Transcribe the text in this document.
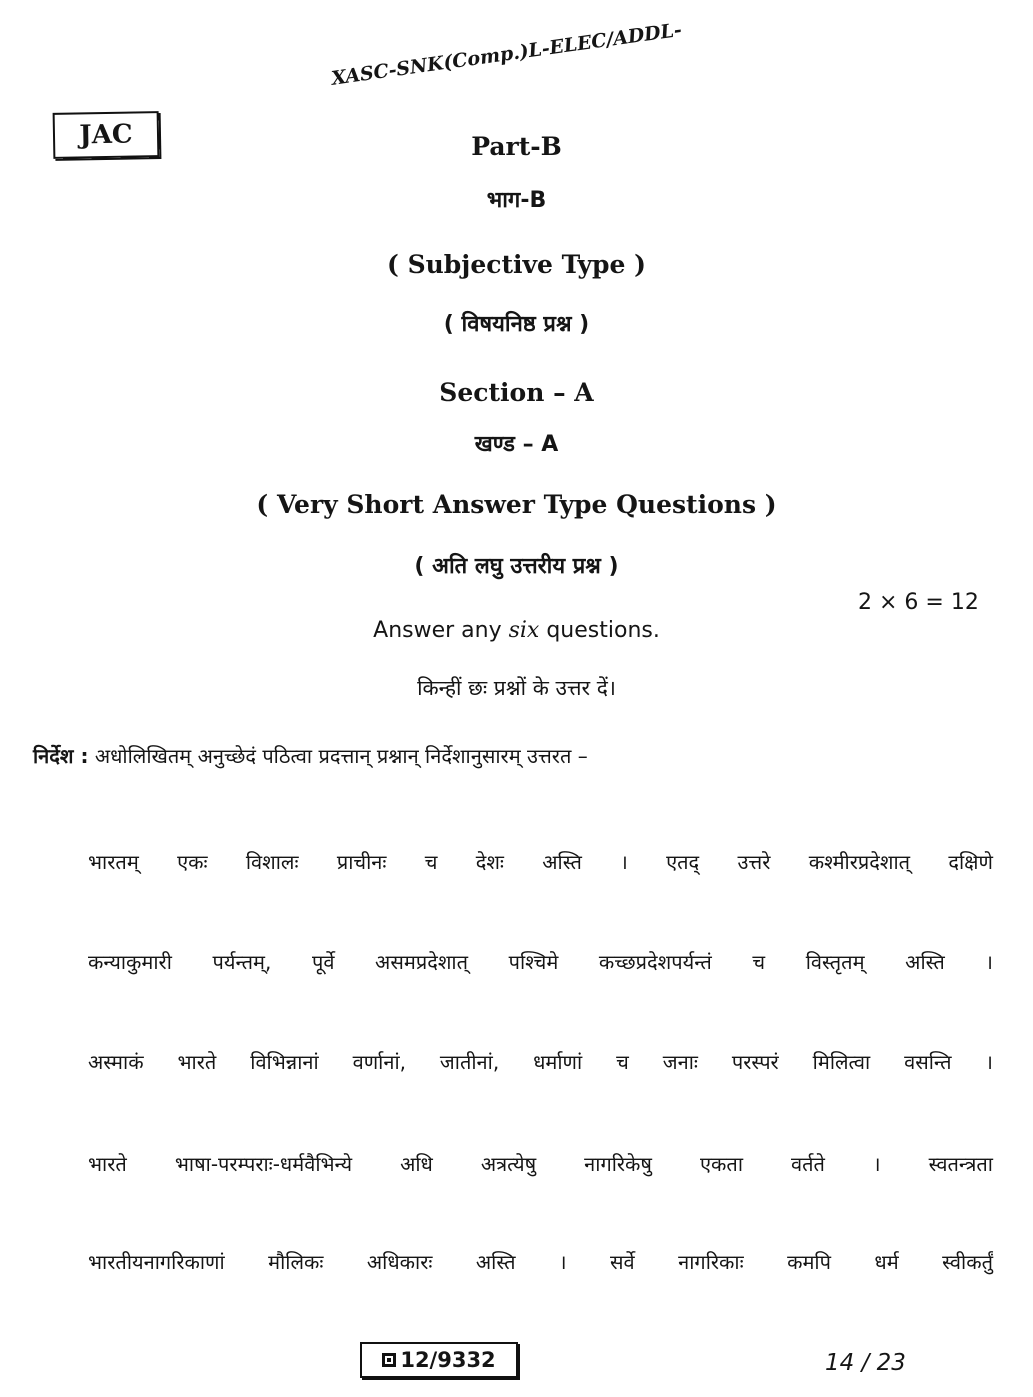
JAC
XASC-SNK(Comp.)L-ELEC/ADDL-
Part-B
भाग-B
( Subjective Type )
( विषयनिष्ठ प्रश्न )
Section – A
खण्ड – A
( Very Short Answer Type Questions )
( अति लघु उत्तरीय प्रश्न )
2 × 6 = 12
Answer any six questions.
किन्हीं छः प्रश्नों के उत्तर दें।
निर्देश : अधोलिखितम् अनुच्छेदं पठित्वा प्रदत्तान् प्रश्नान् निर्देशानुसारम् उत्तरत –
भारतम् एकः विशालः प्राचीनः च देशः अस्ति । एतद् उत्तरे कश्मीरप्रदेशात् दक्षिणे
कन्याकुमारी पर्यन्तम्, पूर्वे असमप्रदेशात् पश्चिमे कच्छप्रदेशपर्यन्तं च विस्तृतम् अस्ति ।
अस्माकं भारते विभिन्नानां वर्णानां, जातीनां, धर्माणां च जनाः परस्परं मिलित्वा वसन्ति ।
भारते भाषा-परम्पराः-धर्मवैभिन्ये अधि अत्रत्येषु नागरिकेषु एकता वर्तते । स्वतन्त्रता
भारतीयनागरिकाणां मौलिकः अधिकारः अस्ति । सर्वे नागरिकाः कमपि धर्म स्वीकर्तुं
12/9332	14 / 23
